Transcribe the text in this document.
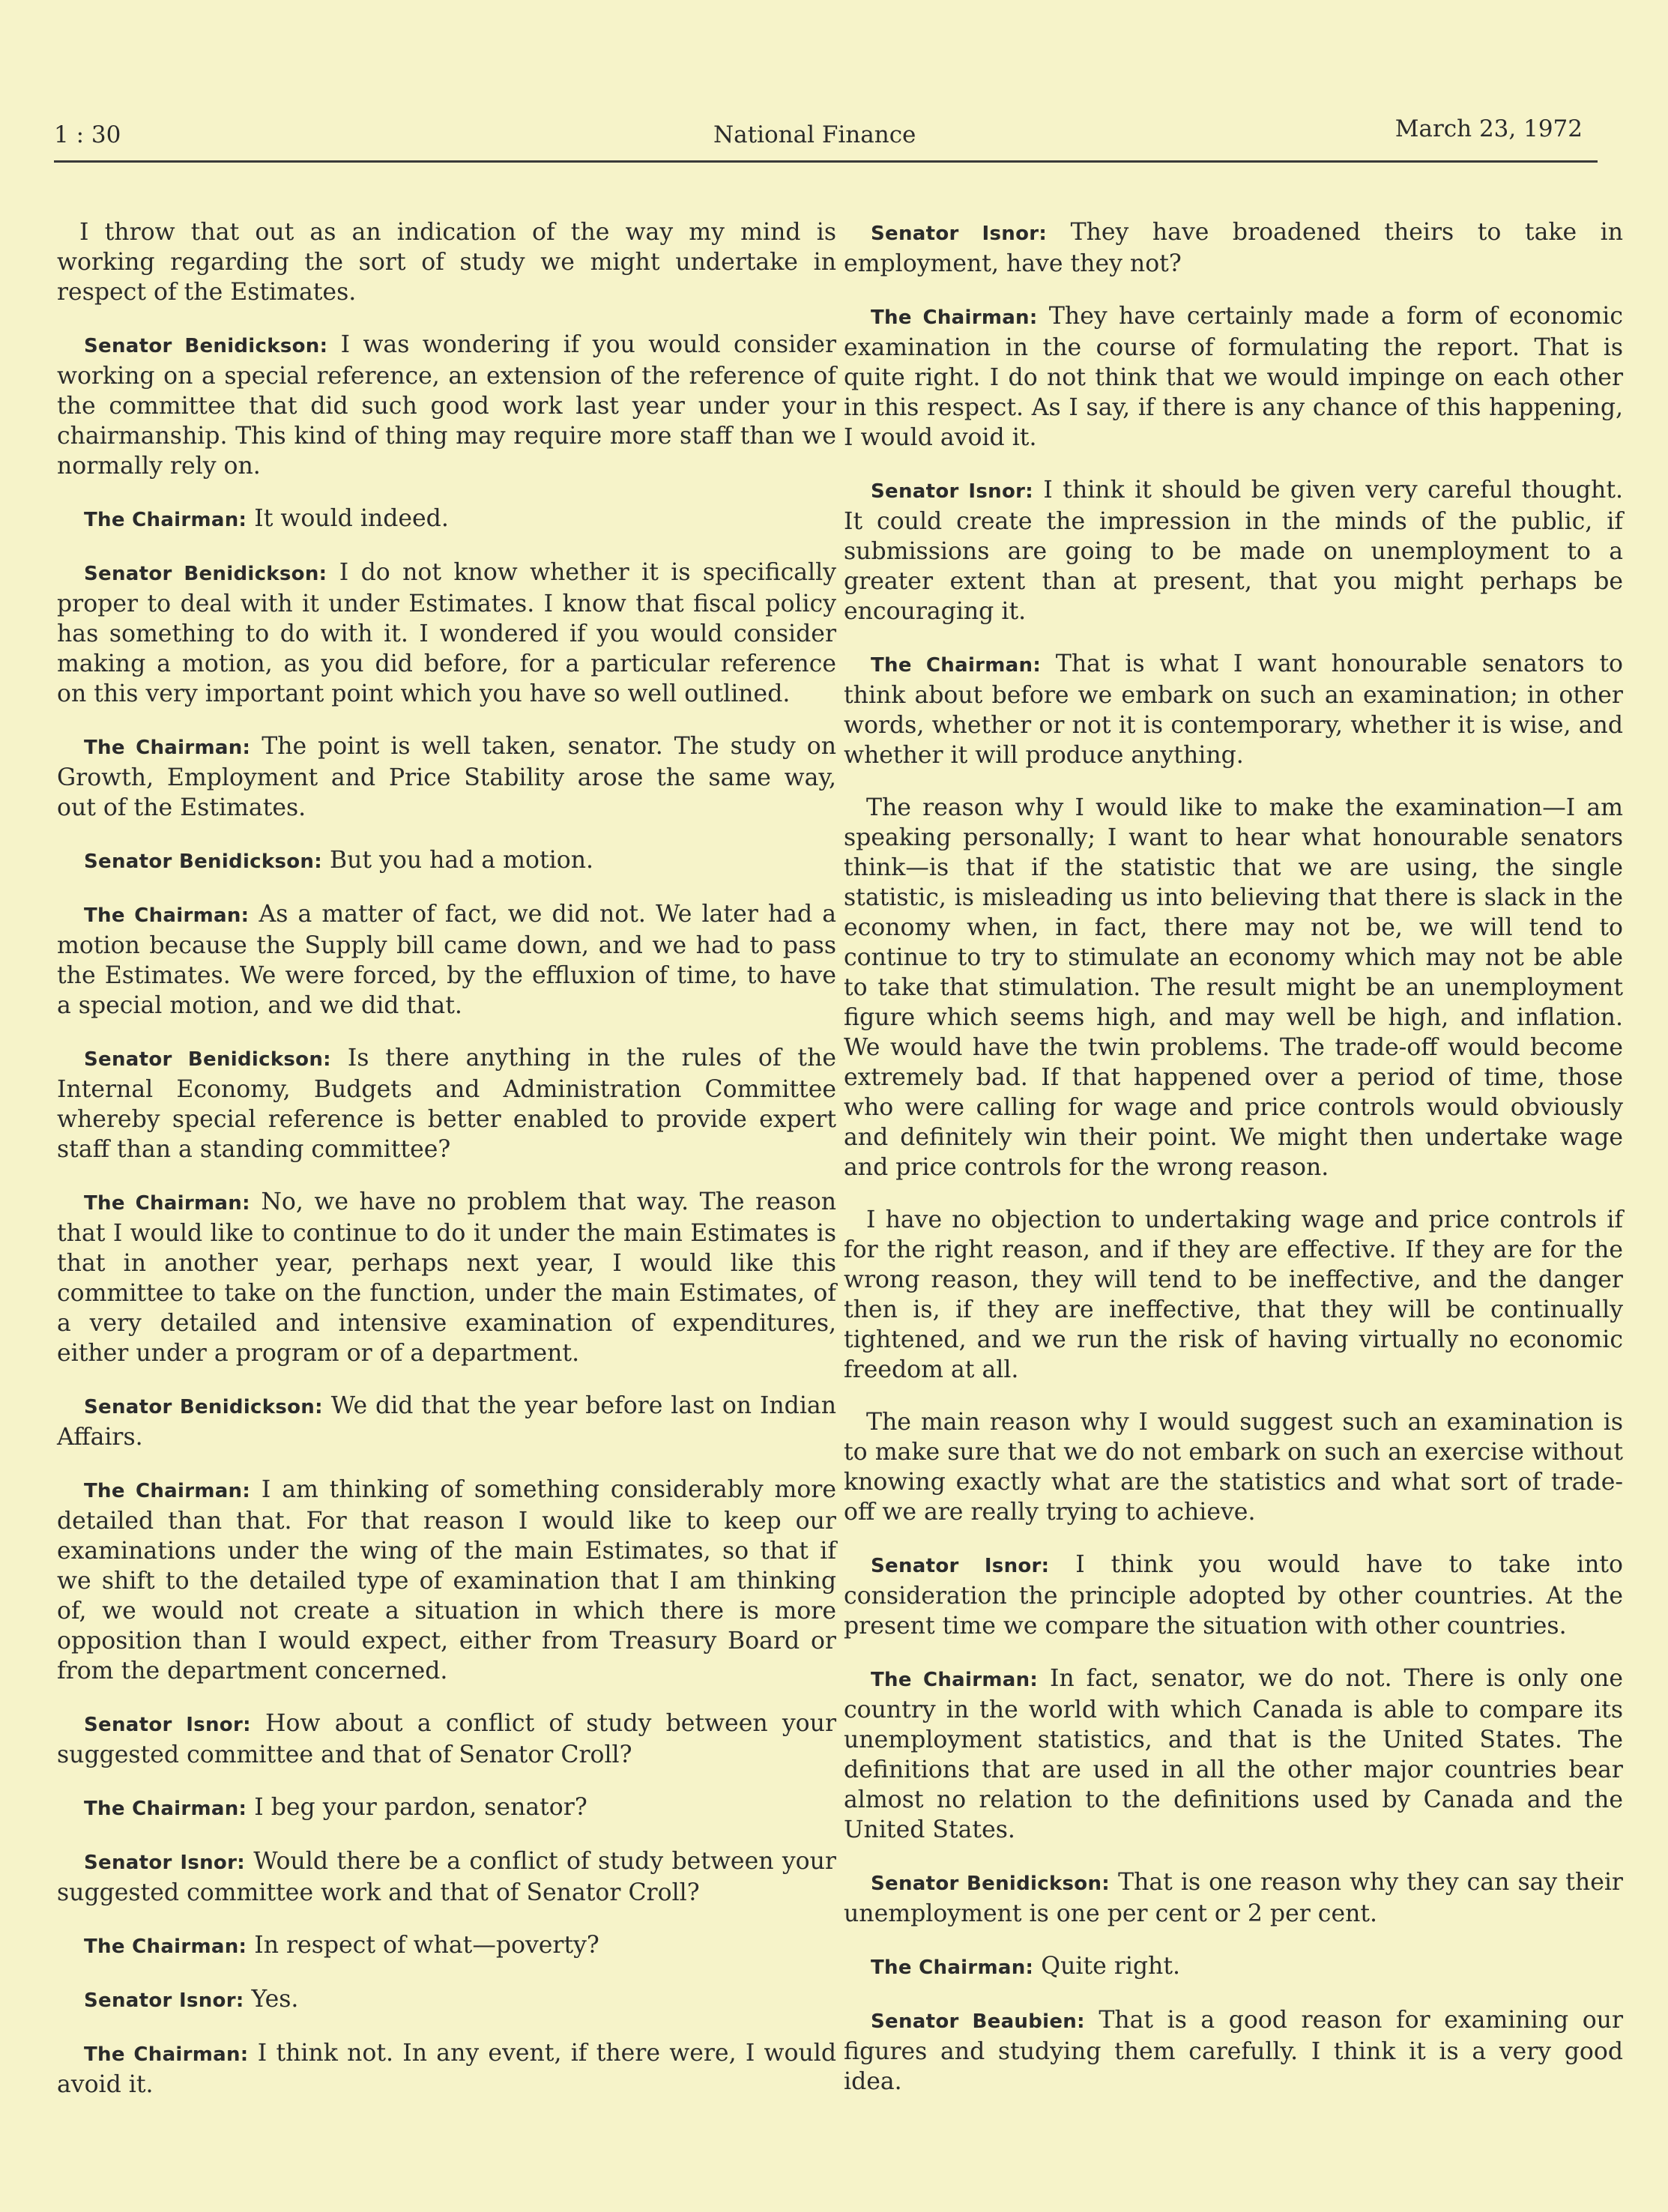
1 : 30	National Finance	March 23, 1972

I throw that out as an indication of the way my mind is working regarding the sort of study we might undertake in respect of the Estimates.

Senator Benidickson: I was wondering if you would consider working on a special reference, an extension of the reference of the committee that did such good work last year under your chairmanship. This kind of thing may require more staff than we normally rely on.

The Chairman: It would indeed.

Senator Benidickson: I do not know whether it is specifically proper to deal with it under Estimates. I know that fiscal policy has something to do with it. I wondered if you would consider making a motion, as you did before, for a particular reference on this very important point which you have so well outlined.

The Chairman: The point is well taken, senator. The study on Growth, Employment and Price Stability arose the same way, out of the Estimates.

Senator Benidickson: But you had a motion.

The Chairman: As a matter of fact, we did not. We later had a motion because the Supply bill came down, and we had to pass the Estimates. We were forced, by the effluxion of time, to have a special motion, and we did that.

Senator Benidickson: Is there anything in the rules of the Internal Economy, Budgets and Administration Committee whereby special reference is better enabled to provide expert staff than a standing committee?

The Chairman: No, we have no problem that way. The reason that I would like to continue to do it under the main Estimates is that in another year, perhaps next year, I would like this committee to take on the function, under the main Estimates, of a very detailed and intensive examination of expenditures, either under a program or of a department.

Senator Benidickson: We did that the year before last on Indian Affairs.

The Chairman: I am thinking of something considerably more detailed than that. For that reason I would like to keep our examinations under the wing of the main Estimates, so that if we shift to the detailed type of examination that I am thinking of, we would not create a situation in which there is more opposition than I would expect, either from Treasury Board or from the department concerned.

Senator Isnor: How about a conflict of study between your suggested committee and that of Senator Croll?

The Chairman: I beg your pardon, senator?

Senator Isnor: Would there be a conflict of study between your suggested committee work and that of Senator Croll?

The Chairman: In respect of what—poverty?

Senator Isnor: Yes.

The Chairman: I think not. In any event, if there were, I would avoid it.

Senator Isnor: They have broadened theirs to take in employment, have they not?

The Chairman: They have certainly made a form of economic examination in the course of formulating the report. That is quite right. I do not think that we would impinge on each other in this respect. As I say, if there is any chance of this happening, I would avoid it.

Senator Isnor: I think it should be given very careful thought. It could create the impression in the minds of the public, if submissions are going to be made on unemployment to a greater extent than at present, that you might perhaps be encouraging it.

The Chairman: That is what I want honourable senators to think about before we embark on such an examination; in other words, whether or not it is contemporary, whether it is wise, and whether it will produce anything.

The reason why I would like to make the examination—I am speaking personally; I want to hear what honourable senators think—is that if the statistic that we are using, the single statistic, is misleading us into believing that there is slack in the economy when, in fact, there may not be, we will tend to continue to try to stimulate an economy which may not be able to take that stimulation. The result might be an unemployment figure which seems high, and may well be high, and inflation. We would have the twin problems. The trade-off would become extremely bad. If that happened over a period of time, those who were calling for wage and price controls would obviously and definitely win their point. We might then undertake wage and price controls for the wrong reason.

I have no objection to undertaking wage and price controls if for the right reason, and if they are effective. If they are for the wrong reason, they will tend to be ineffective, and the danger then is, if they are ineffective, that they will be continually tightened, and we run the risk of having virtually no economic freedom at all.

The main reason why I would suggest such an examination is to make sure that we do not embark on such an exercise without knowing exactly what are the statistics and what sort of trade-off we are really trying to achieve.

Senator Isnor: I think you would have to take into consideration the principle adopted by other countries. At the present time we compare the situation with other countries.

The Chairman: In fact, senator, we do not. There is only one country in the world with which Canada is able to compare its unemployment statistics, and that is the United States. The definitions that are used in all the other major countries bear almost no relation to the definitions used by Canada and the United States.

Senator Benidickson: That is one reason why they can say their unemployment is one per cent or 2 per cent.

The Chairman: Quite right.

Senator Beaubien: That is a good reason for examining our figures and studying them carefully. I think it is a very good idea.
